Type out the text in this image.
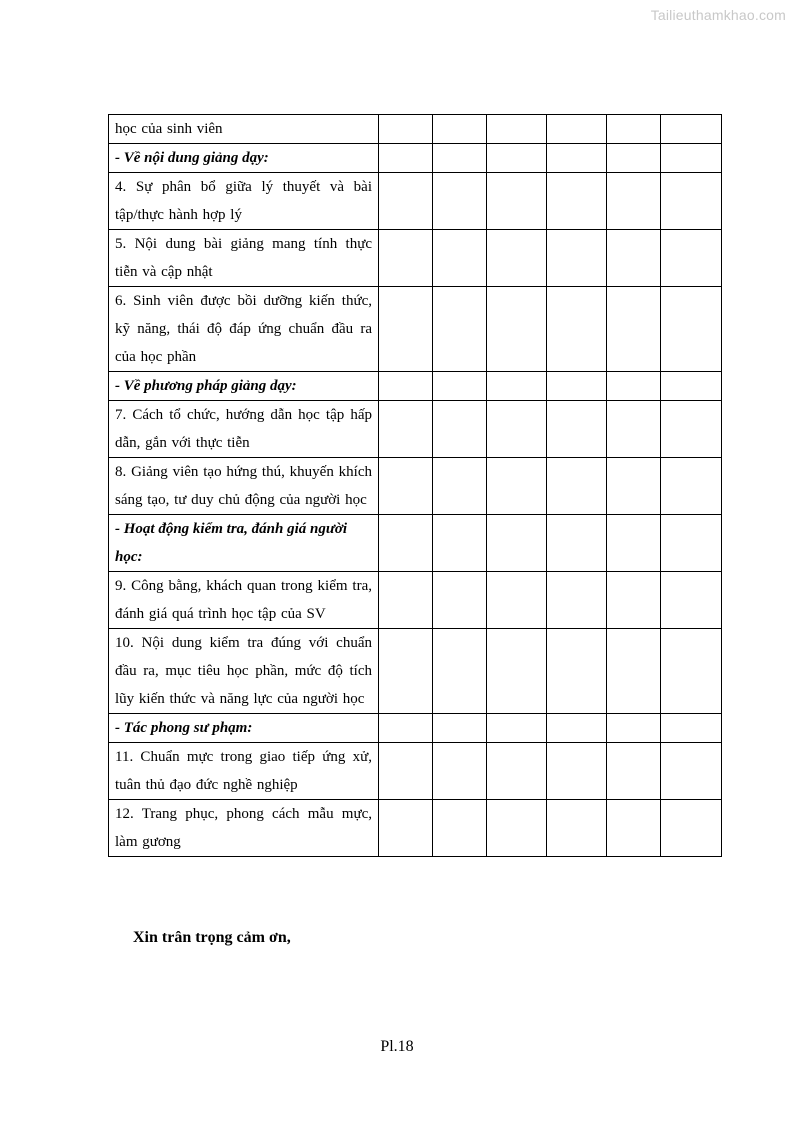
Tailieuthamkhao.com
học của sinh viên						
- Về nội dung giảng dạy:						
4. Sự phân bổ giữa lý thuyết và bài tập/thực hành hợp lý						
5. Nội dung bài giảng mang tính thực tiễn và cập nhật						
6. Sinh viên được bồi dưỡng kiến thức, kỹ năng, thái độ đáp ứng chuẩn đầu ra của học phần						
- Về phương pháp giảng dạy:						
7. Cách tổ chức, hướng dẫn học tập hấp dẫn, gắn với thực tiễn						
8. Giảng viên tạo hứng thú, khuyến khích sáng tạo, tư duy chủ động của người học						
- Hoạt động kiểm tra, đánh giá người học:						
9. Công bằng, khách quan trong kiểm tra, đánh giá quá trình học tập của SV						
10. Nội dung kiểm tra đúng với chuẩn đầu ra, mục tiêu học phần, mức độ tích lũy kiến thức và năng lực của người học						
- Tác phong sư phạm:						
11. Chuẩn mực trong giao tiếp ứng xử, tuân thủ đạo đức nghề nghiệp						
12. Trang phục, phong cách mẫu mực, làm gương						
Xin trân trọng cảm ơn,
Pl.18
